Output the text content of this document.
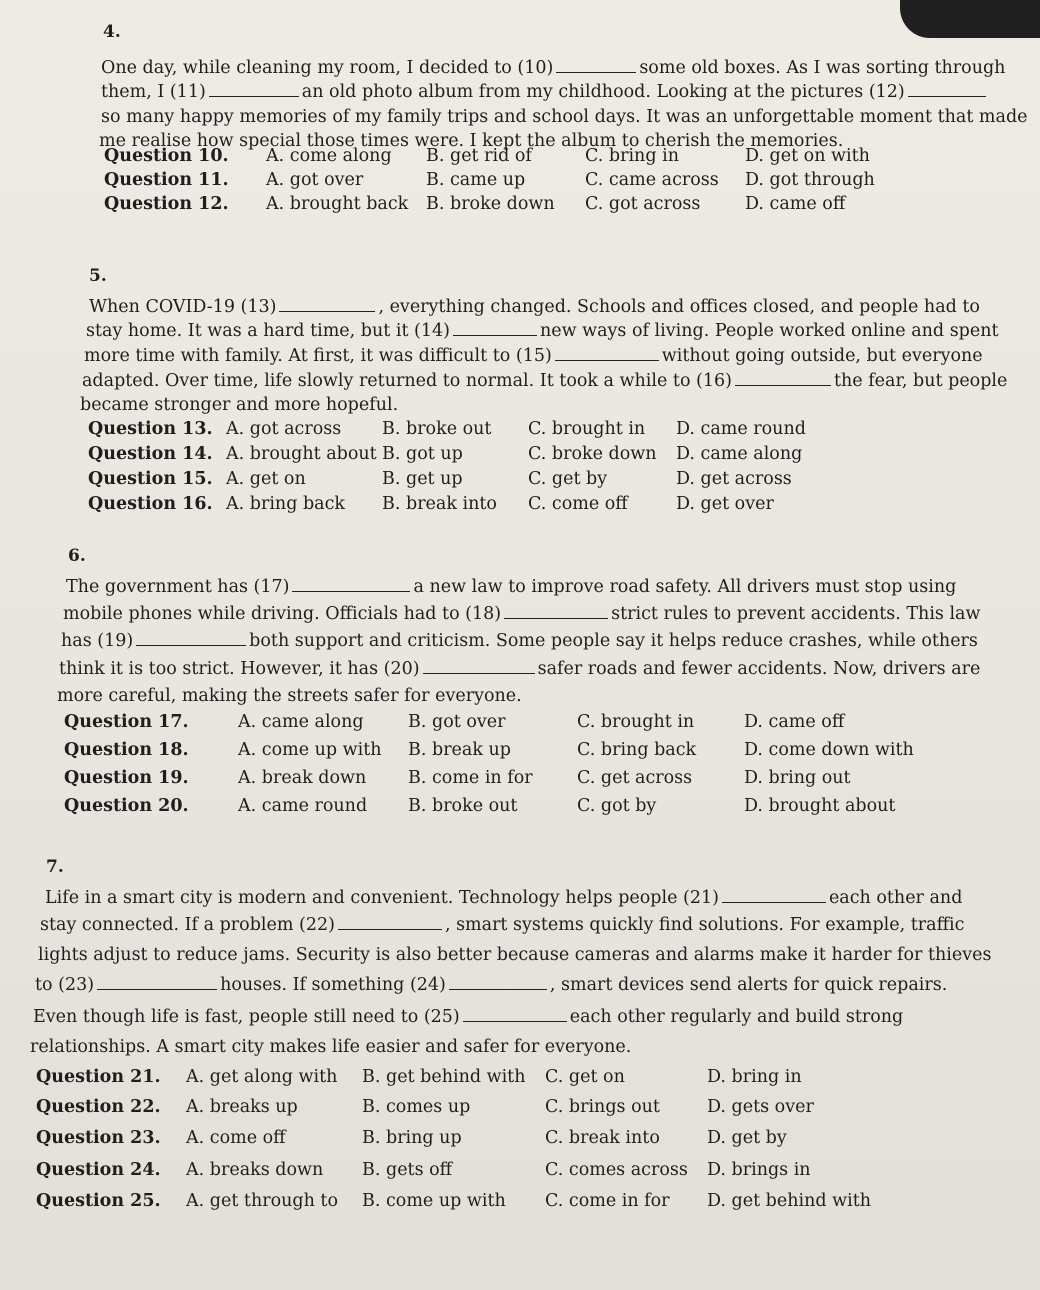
4.
One day, while cleaning my room, I decided to (10)	some old boxes. As I was sorting through
them, I (11)	an old photo album from my childhood. Looking at the pictures (12)
so many happy memories of my family trips and school days. It was an unforgettable moment that made
me realise how special those times were. I kept the album to cherish the memories.
Question 10. A. come along B. get rid of	C. bring in	D. get on with
Question 11. A. got over	B. came up	C. came across D. got through
Question 12. A. brought back B. broke down C. got across	D. came off
5.
When COVID-19 (13)	, everything changed. Schools and offices closed, and people had to
stay home. It was a hard time, but it (14)	new ways of living. People worked online and spent
more time with family. At first, it was difficult to (15)	without going outside, but everyone
adapted. Over time, life slowly returned to normal. It took a while to (16)	the fear, but people
became stronger and more hopeful.
Question 13. A. got across B. broke out C. brought in D. came round
Question 14. A. brought about B. got up	C. broke down D. came along
Question 15. A. get on	B. get up	C. get by	D. get across
Question 16. A. bring back B. break into C. come off	D. get over
6.
The government has (17)	a new law to improve road safety. All drivers must stop using
mobile phones while driving. Officials had to (18)	strict rules to prevent accidents. This law
has (19)	both support and criticism. Some people say it helps reduce crashes, while others
think it is too strict. However, it has (20)	safer roads and fewer accidents. Now, drivers are
more careful, making the streets safer for everyone.
Question 17.	A. came along	B. got over	C. brought in	D. came off
Question 18.	A. come up with B. break up	C. bring back	D. come down with
Question 19.	A. break down B. come in for	C. get across	D. bring out
Question 20.	A. came round B. broke out	C. got by	D. brought about
7.
Life in a smart city is modern and convenient. Technology helps people (21)	each other and
stay connected. If a problem (22)	, smart systems quickly find solutions. For example, traffic
lights adjust to reduce jams. Security is also better because cameras and alarms make it harder for thieves
to (23)	houses. If something (24)	, smart devices send alerts for quick repairs.
Even though life is fast, people still need to (25)	each other regularly and build strong
relationships. A smart city makes life easier and safer for everyone.
Question 21. A. get along with B. get behind with C. get on	D. bring in
Question 22. A. breaks up	B. comes up	C. brings out	D. gets over
Question 23. A. come off	B. bring up	C. break into	D. get by
Question 24. A. breaks down B. gets off	C. comes across D. brings in
Question 25. A. get through to B. come up with C. come in for D. get behind with
